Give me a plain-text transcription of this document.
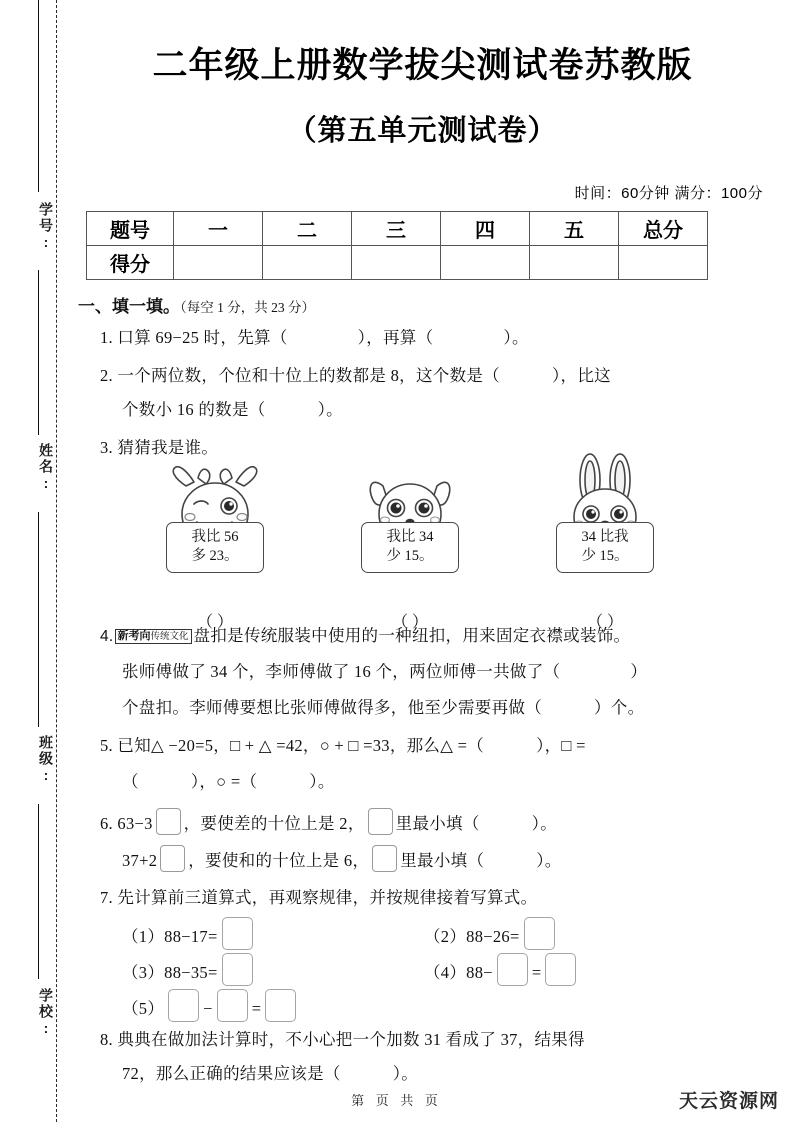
学号:
姓名:
班级:
学校:
二年级上册数学拔尖测试卷苏教版
（第五单元测试卷）
时间：60分钟 满分：100分
题号	一	二	三	四	五	总分
得分						
一、填一填。（每空 1 分，共 23 分）
1. 口算 69−25 时，先算（	），再算（	）。
2. 一个两位数，个位和十位上的数都是 8，这个数是（	），比这
个数小 16 的数是（	）。
3. 猜猜我是谁。
我比 56
多 23。
（ ）
我比 34
少 15。
（ ）
34 比我
少 15。
（ ）
4. 新考向传统文化 盘扣是传统服装中使用的一种纽扣，用来固定衣襟或装饰。
张师傅做了 34 个，李师傅做了 16 个，两位师傅一共做了（	）
个盘扣。李师傅要想比张师傅做得多，他至少需要再做（	）个。
5. 已知△ −20=5，□ + △ =42，○ + □ =33，那么△ =（	），□ =
（	），○ =（	）。
6. 63−3 ，要使差的十位上是 2， 里最小填（	）。
37+2 ，要使和的十位上是 6， 里最小填（	）。
7. 先计算前三道算式，再观察规律，并按规律接着写算式。
（1）88−17=	（2）88−26=
（3）88−35=	（4）88− =
（5） − =
8. 典典在做加法计算时，不小心把一个加数 31 看成了 37，结果得
72，那么正确的结果应该是（	）。
第 页 共 页	天云资源网
